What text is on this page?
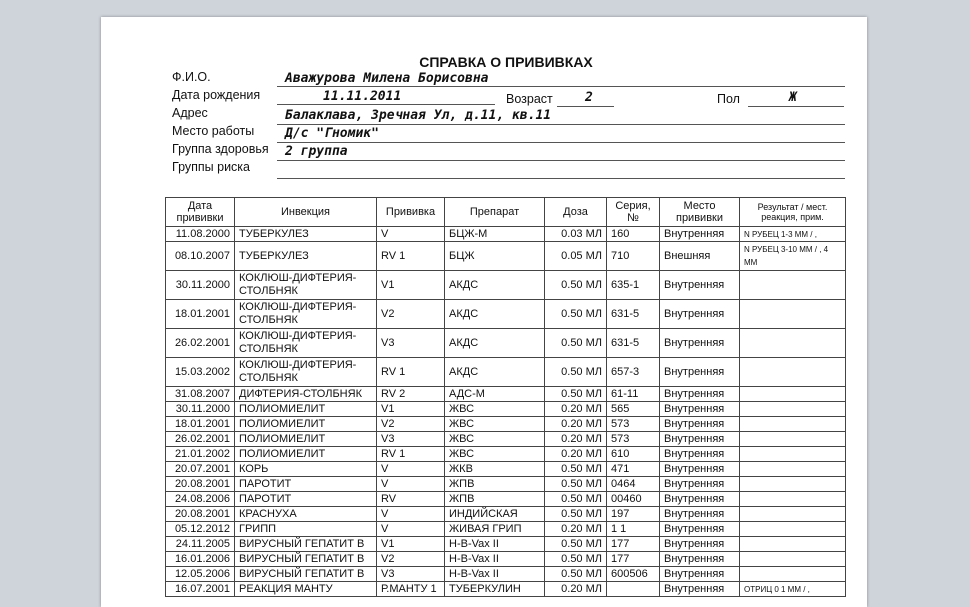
СПРАВКА О ПРИВИВКАХ
Ф.И.О.	Аважурова Милена Борисовна
Дата рождения	11.11.2011	Возраст 2	Пол	Ж
Адрес	Балаклава, Зречная Ул, д.11, кв.11
Место работы Д/с "Гномик"
Группа здоровья 2 группа
Группы риска
Дата прививки	Инвекция	Прививка	Препарат	Доза	Серия, №	Место прививки	Результат / мест. реакция, прим.
11.08.2000	ТУБЕРКУЛЕЗ	V	БЦЖ-М	0.03 МЛ	160	Внутренняя	N РУБЕЦ 1-3 ММ / ,
08.10.2007	ТУБЕРКУЛЕЗ	RV 1	БЦЖ	0.05 МЛ	710	Внешняя	N РУБЕЦ 3-10 ММ / , 4 ММ
30.11.2000	КОКЛЮШ-ДИФТЕРИЯ-СТОЛБНЯК	V1	АКДС	0.50 МЛ	635-1	Внутренняя	
18.01.2001	КОКЛЮШ-ДИФТЕРИЯ-СТОЛБНЯК	V2	АКДС	0.50 МЛ	631-5	Внутренняя	
26.02.2001	КОКЛЮШ-ДИФТЕРИЯ-СТОЛБНЯК	V3	АКДС	0.50 МЛ	631-5	Внутренняя	
15.03.2002	КОКЛЮШ-ДИФТЕРИЯ-СТОЛБНЯК	RV 1	АКДС	0.50 МЛ	657-3	Внутренняя	
31.08.2007	ДИФТЕРИЯ-СТОЛБНЯК	RV 2	АДС-М	0.50 МЛ	61-11	Внутренняя	
30.11.2000	ПОЛИОМИЕЛИТ	V1	ЖВС	0.20 МЛ	565	Внутренняя	
18.01.2001	ПОЛИОМИЕЛИТ	V2	ЖВС	0.20 МЛ	573	Внутренняя	
26.02.2001	ПОЛИОМИЕЛИТ	V3	ЖВС	0.20 МЛ	573	Внутренняя	
21.01.2002	ПОЛИОМИЕЛИТ	RV 1	ЖВС	0.20 МЛ	610	Внутренняя	
20.07.2001	КОРЬ	V	ЖКВ	0.50 МЛ	471	Внутренняя	
20.08.2001	ПАРОТИТ	V	ЖПВ	0.50 МЛ	0464	Внутренняя	
24.08.2006	ПАРОТИТ	RV	ЖПВ	0.50 МЛ	00460	Внутренняя	
20.08.2001	КРАСНУХА	V	ИНДИЙСКАЯ	0.50 МЛ	197	Внутренняя	
05.12.2012	ГРИПП	V	ЖИВАЯ ГРИП	0.20 МЛ	1 1	Внутренняя	
24.11.2005	ВИРУСНЫЙ ГЕПАТИТ В	V1	H-B-Vax II	0.50 МЛ	177	Внутренняя	
16.01.2006	ВИРУСНЫЙ ГЕПАТИТ В	V2	H-B-Vax II	0.50 МЛ	177	Внутренняя	
12.05.2006	ВИРУСНЫЙ ГЕПАТИТ В	V3	H-B-Vax II	0.50 МЛ	600506	Внутренняя	
16.07.2001	РЕАКЦИЯ МАНТУ	Р.МАНТУ 1	ТУБЕРКУЛИН	0.20 МЛ		Внутренняя	ОТРИЦ 0 1 ММ / ,
